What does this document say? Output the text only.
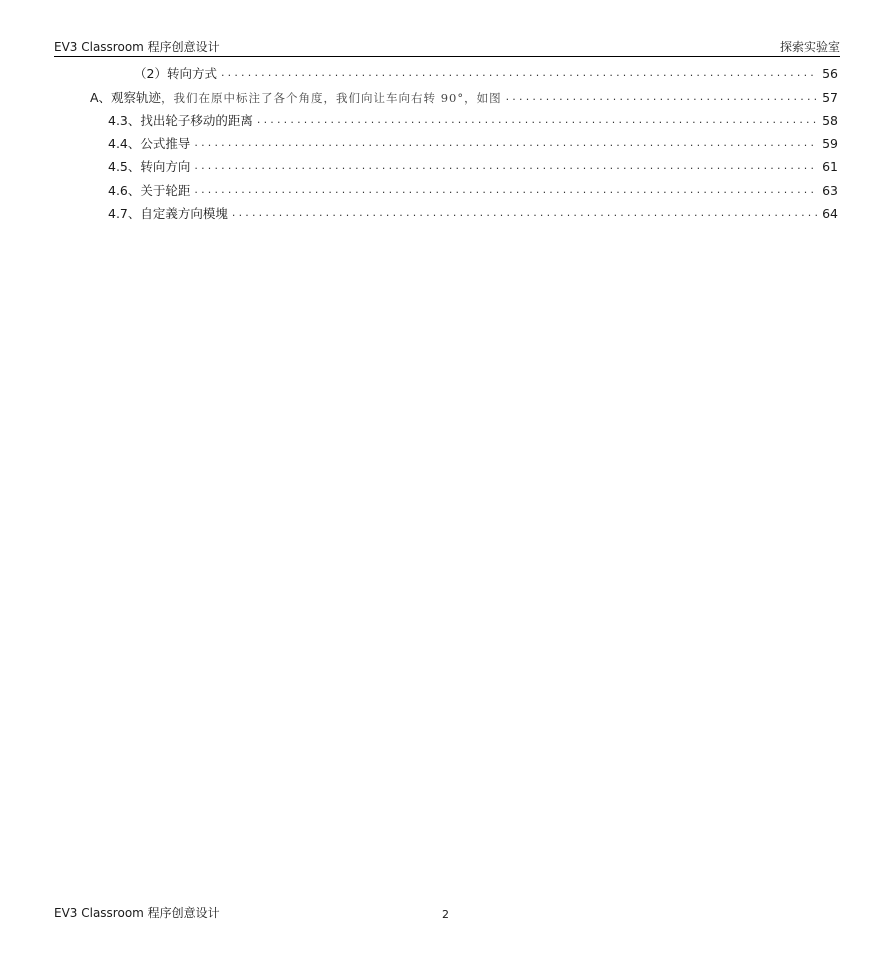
EV3 Classroom 程序创意设计	探索实验室
（2）转向方式 .....	56
A、观察轨迹，我们在原中标注了各个角度，我们向让车向右转 90°，如图 .....	57
4.3、找出轮子移动的距离 .....	58
4.4、公式推导 .....	59
4.5、转向方向 .....	61
4.6、关于轮距 .....	63
4.7、自定義方向模塊 .....	64
EV3 Classroom 程序创意设计	2
